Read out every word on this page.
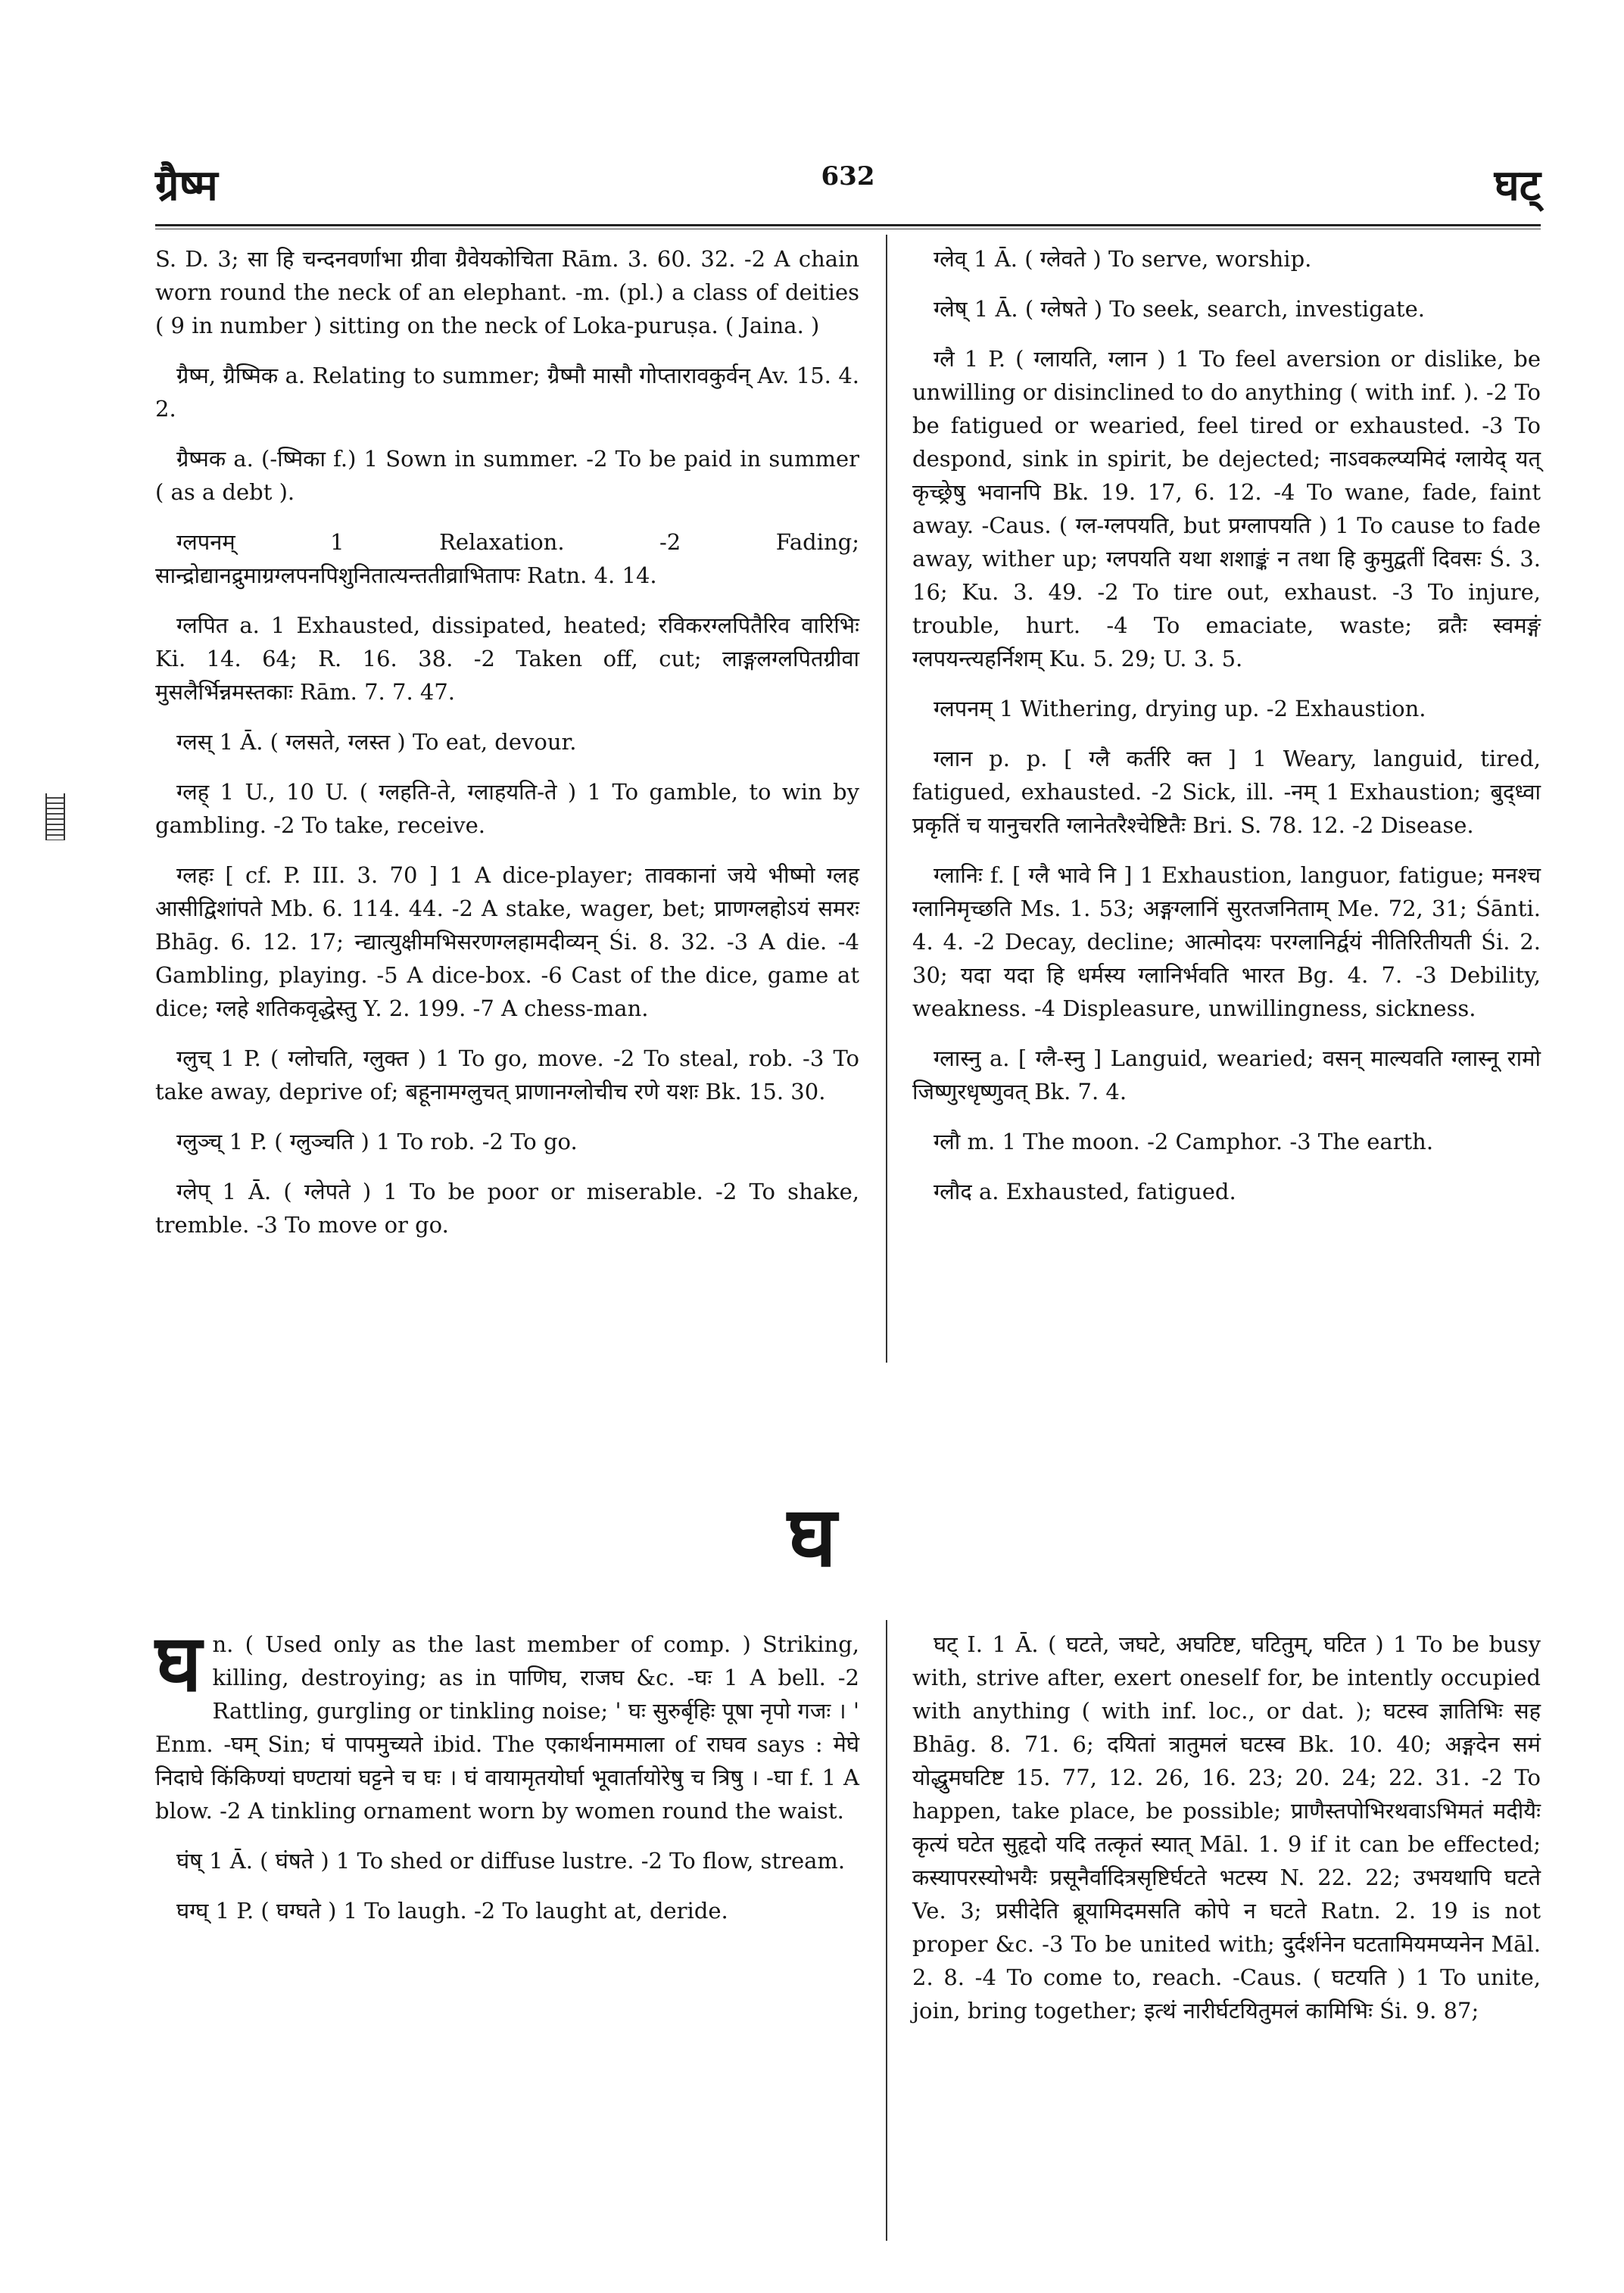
ग्रैष्म	632	घट्

S. D. 3; सा हि चन्दनवर्णाभा ग्रीवा ग्रैवेयकोचिता Rām. 3. 60. 32. -2 A chain worn round the neck of an elephant. -m. (pl.) a class of deities ( 9 in number ) sitting on the neck of Loka-puruṣa. ( Jaina. )

ग्रैष्म, ग्रैष्मिक a. Relating to summer; ग्रैष्मौ मासौ गोप्तारावकुर्वन् Av. 15. 4. 2.

ग्रैष्मक a. (-ष्मिका f.) 1 Sown in summer. -2 To be paid in summer ( as a debt ).

ग्लपनम् 1 Relaxation. -2 Fading; सान्द्रोद्यानद्रुमाग्रग्लपनपिशुनितात्यन्ततीव्राभितापः Ratn. 4. 14.

ग्लपित a. 1 Exhausted, dissipated, heated; रविकरग्लपितैरिव वारिभिः Ki. 14. 64; R. 16. 38. -2 Taken off, cut; लाङ्गलग्लपितग्रीवा मुसलैर्भिन्नमस्तकाः Rām. 7. 7. 47.

ग्लस् 1 Ā. ( ग्लसते, ग्लस्त ) To eat, devour.

ग्लह् 1 U., 10 U. ( ग्लहति-ते, ग्लाहयति-ते ) 1 To gamble, to win by gambling. -2 To take, receive.

ग्लहः [ cf. P. III. 3. 70 ] 1 A dice-player; तावकानां जये भीष्मो ग्लह आसीद्विशांपते Mb. 6. 114. 44. -2 A stake, wager, bet; प्राणग्लहोऽयं समरः Bhāg. 6. 12. 17; न्द्यात्युक्षीमभिसरणग्लहामदीव्यन् Śi. 8. 32. -3 A die. -4 Gambling, playing. -5 A dice-box. -6 Cast of the dice, game at dice; ग्लहे शतिकवृद्धेस्तु Y. 2. 199. -7 A chess-man.

ग्लुच् 1 P. ( ग्लोचति, ग्लुक्त ) 1 To go, move. -2 To steal, rob. -3 To take away, deprive of; बहूनामग्लुचत् प्राणानग्लोचीच रणे यशः Bk. 15. 30.

ग्लुञ्च् 1 P. ( ग्लुञ्चति ) 1 To rob. -2 To go.

ग्लेप् 1 Ā. ( ग्लेपते ) 1 To be poor or miserable. -2 To shake, tremble. -3 To move or go.

ग्लेव् 1 Ā. ( ग्लेवते ) To serve, worship.

ग्लेष् 1 Ā. ( ग्लेषते ) To seek, search, investigate.

ग्लै 1 P. ( ग्लायति, ग्लान ) 1 To feel aversion or dislike, be unwilling or disinclined to do anything ( with inf. ). -2 To be fatigued or wearied, feel tired or exhausted. -3 To despond, sink in spirit, be dejected; नाऽवकल्प्यमिदं ग्लायेद् यत् कृच्छ्रेषु भवानपि Bk. 19. 17, 6. 12. -4 To wane, fade, faint away. -Caus. ( ग्ल-ग्लपयति, but प्रग्लापयति ) 1 To cause to fade away, wither up; ग्लपयति यथा शशाङ्कं न तथा हि कुमुद्वतीं दिवसः Ś. 3. 16; Ku. 3. 49. -2 To tire out, exhaust. -3 To injure, trouble, hurt. -4 To emaciate, waste; व्रतैः स्वमङ्गं ग्लपयन्त्यहर्निशम् Ku. 5. 29; U. 3. 5.

ग्लपनम् 1 Withering, drying up. -2 Exhaustion.

ग्लान p. p. [ ग्लै कर्तरि क्त ] 1 Weary, languid, tired, fatigued, exhausted. -2 Sick, ill. -नम् 1 Exhaustion; बुद्ध्वा प्रकृतिं च यानुचरति ग्लानेतरैश्चेष्टितैः Bri. S. 78. 12. -2 Disease.

ग्लानिः f. [ ग्लै भावे नि ] 1 Exhaustion, languor, fatigue; मनश्च ग्लानिमृच्छति Ms. 1. 53; अङ्गग्लानिं सुरतजनिताम् Me. 72, 31; Śānti. 4. 4. -2 Decay, decline; आत्मोदयः परग्लानिर्द्वयं नीतिरितीयती Śi. 2. 30; यदा यदा हि धर्मस्य ग्लानिर्भवति भारत Bg. 4. 7. -3 Debility, weakness. -4 Displeasure, unwillingness, sickness.

ग्लास्नु a. [ ग्लै-स्नु ] Languid, wearied; वसन् माल्यवति ग्लास्नू रामो जिष्णुरधृष्णुवत् Bk. 7. 4.

ग्लौ m. 1 The moon. -2 Camphor. -3 The earth.

ग्लौद a. Exhausted, fatigued.

घ

घ n. ( Used only as the last member of comp. ) Striking, killing, destroying; as in पाणिघ, राजघ &c. -घः 1 A bell. -2 Rattling, gurgling or tinkling noise; ' घः सुरुर्बृहिः पूषा नृपो गजः । ' Enm. -घम् Sin; घं पापमुच्यते ibid. The एकार्थनाममाला of राघव says : मेघे निदाघे किंकिण्यां घण्टायां घट्टने च घः । घं वायामृतयोर्घा भूवार्तायोरेषु च त्रिषु । -घा f. 1 A blow. -2 A tinkling ornament worn by women round the waist.

घंष् 1 Ā. ( घंषते ) 1 To shed or diffuse lustre. -2 To flow, stream.

घग्घ् 1 P. ( घग्घते ) 1 To laugh. -2 To laught at, deride.

घट् I. 1 Ā. ( घटते, जघटे, अघटिष्ट, घटितुम्, घटित ) 1 To be busy with, strive after, exert oneself for, be intently occupied with anything ( with inf. loc., or dat. ); घटस्व ज्ञातिभिः सह Bhāg. 8. 71. 6; दयितां त्रातुमलं घटस्व Bk. 10. 40; अङ्गदेन समं योद्धुमघटिष्ट 15. 77, 12. 26, 16. 23; 20. 24; 22. 31. -2 To happen, take place, be possible; प्राणैस्तपोभिरथवाऽभिमतं मदीयैः कृत्यं घटेत सुहृदो यदि तत्कृतं स्यात् Māl. 1. 9 if it can be effected; कस्यापरस्योभयैः प्रसूनैर्वादित्रसृष्टिर्घटते भटस्य N. 22. 22; उभयथापि घटते Ve. 3; प्रसीदेति ब्रूयामिदमसति कोपे न घटते Ratn. 2. 19 is not proper &c. -3 To be united with; दुर्दर्शनेन घटतामियमप्यनेन Māl. 2. 8. -4 To come to, reach. -Caus. ( घटयति ) 1 To unite, join, bring together; इत्थं नारीर्घटयितुमलं कामिभिः Śi. 9. 87;
